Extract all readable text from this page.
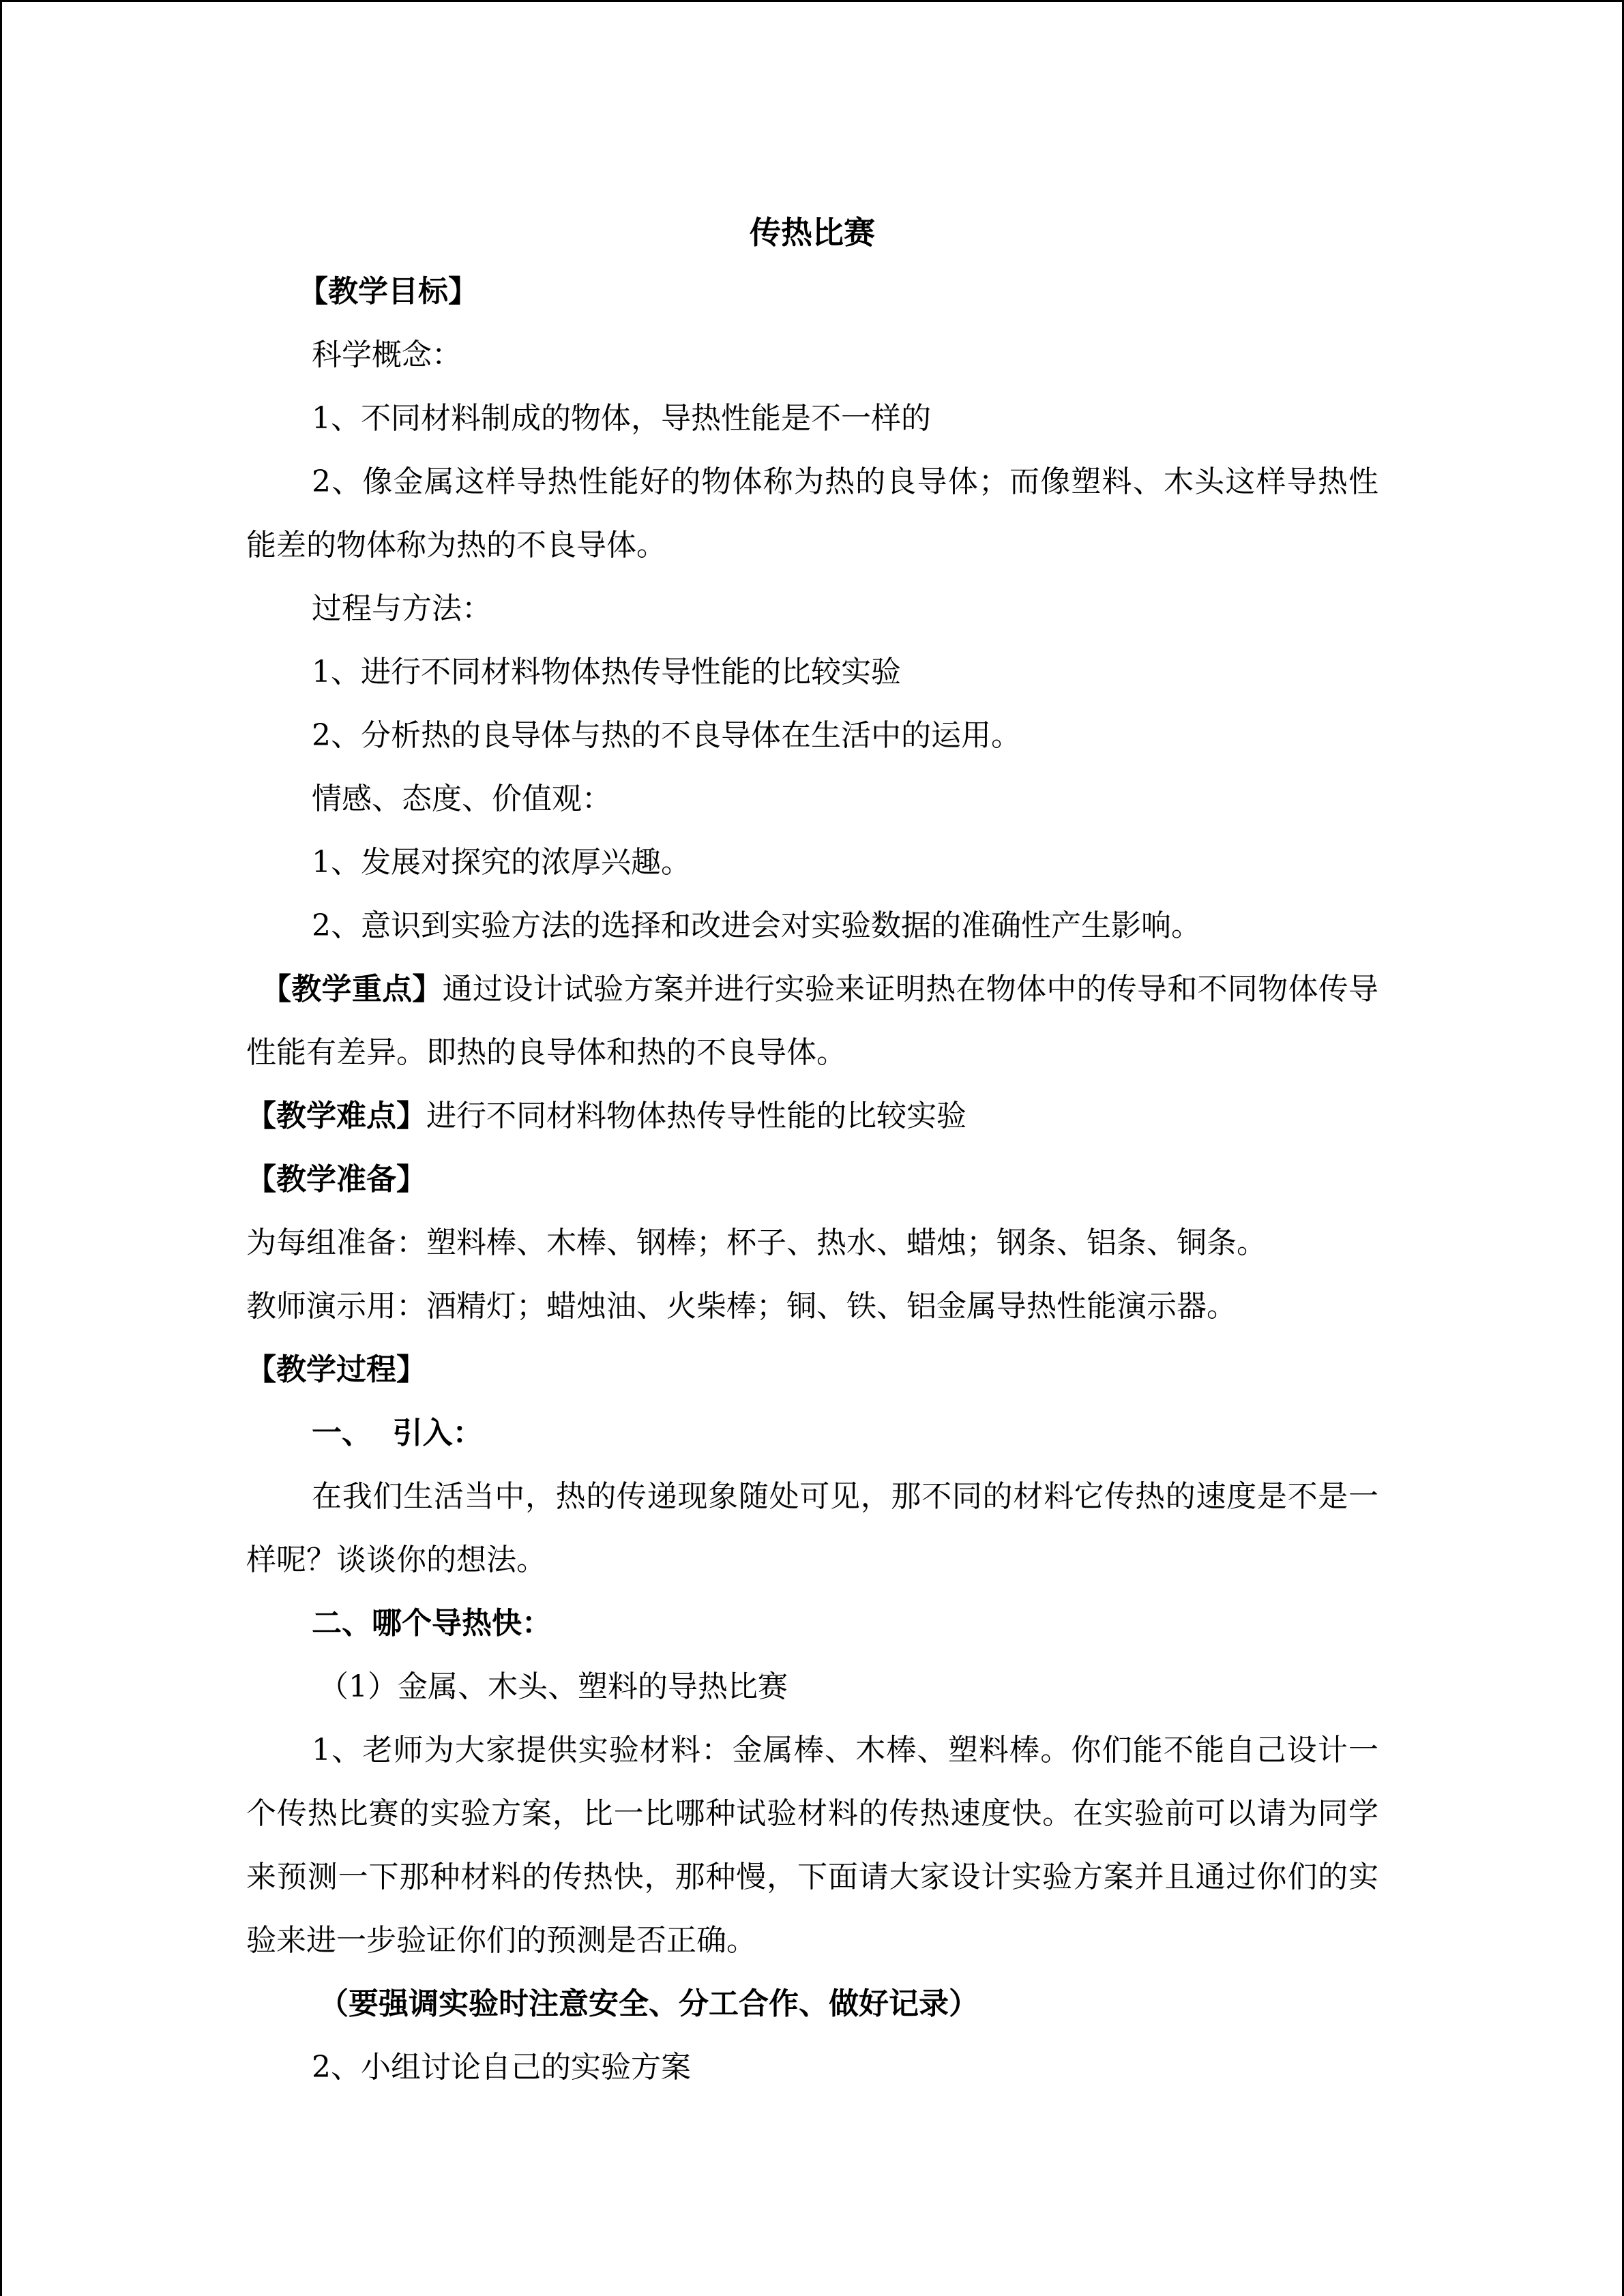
传热比赛

【教学目标】

科学概念：

1、不同材料制成的物体，导热性能是不一样的

2、像金属这样导热性能好的物体称为热的良导体；而像塑料、木头这样导热性能差的物体称为热的不良导体。

过程与方法：

1、进行不同材料物体热传导性能的比较实验

2、分析热的良导体与热的不良导体在生活中的运用。

情感、态度、价值观：

1、发展对探究的浓厚兴趣。

2、意识到实验方法的选择和改进会对实验数据的准确性产生影响。

【教学重点】通过设计试验方案并进行实验来证明热在物体中的传导和不同物体传导性能有差异。即热的良导体和热的不良导体。

【教学难点】进行不同材料物体热传导性能的比较实验

【教学准备】

为每组准备：塑料棒、木棒、钢棒；杯子、热水、蜡烛；钢条、铝条、铜条。

教师演示用：酒精灯；蜡烛油、火柴棒；铜、铁、铝金属导热性能演示器。

【教学过程】

一、  引入：

在我们生活当中，热的传递现象随处可见，那不同的材料它传热的速度是不是一样呢？谈谈你的想法。

二、哪个导热快：

（1）金属、木头、塑料的导热比赛

1、老师为大家提供实验材料：金属棒、木棒、塑料棒。你们能不能自己设计一个传热比赛的实验方案，比一比哪种试验材料的传热速度快。在实验前可以请为同学来预测一下那种材料的传热快，那种慢，下面请大家设计实验方案并且通过你们的实验来进一步验证你们的预测是否正确。

（要强调实验时注意安全、分工合作、做好记录）

2、小组讨论自己的实验方案
